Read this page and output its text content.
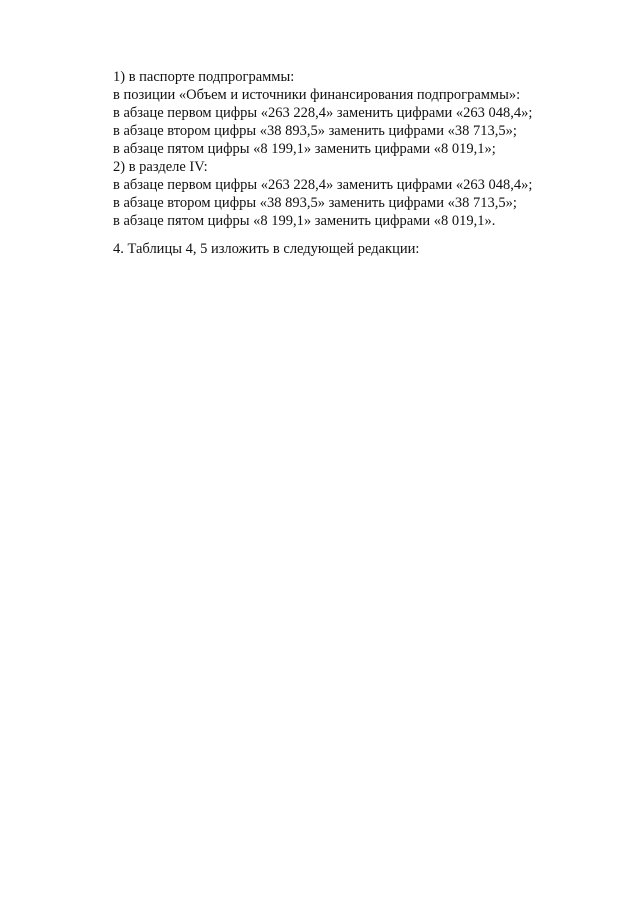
1) в паспорте подпрограммы:
в позиции «Объем и источники финансирования подпрограммы»:
в абзаце первом цифры «263 228,4» заменить цифрами «263 048,4»;
в абзаце втором цифры «38 893,5» заменить цифрами «38 713,5»;
в абзаце пятом цифры «8 199,1» заменить цифрами «8 019,1»;
2) в разделе IV:
в абзаце первом цифры «263 228,4» заменить цифрами «263 048,4»;
в абзаце втором цифры «38 893,5» заменить цифрами «38 713,5»;
в абзаце пятом цифры «8 199,1» заменить цифрами «8 019,1».
4. Таблицы 4, 5 изложить в следующей редакции:
